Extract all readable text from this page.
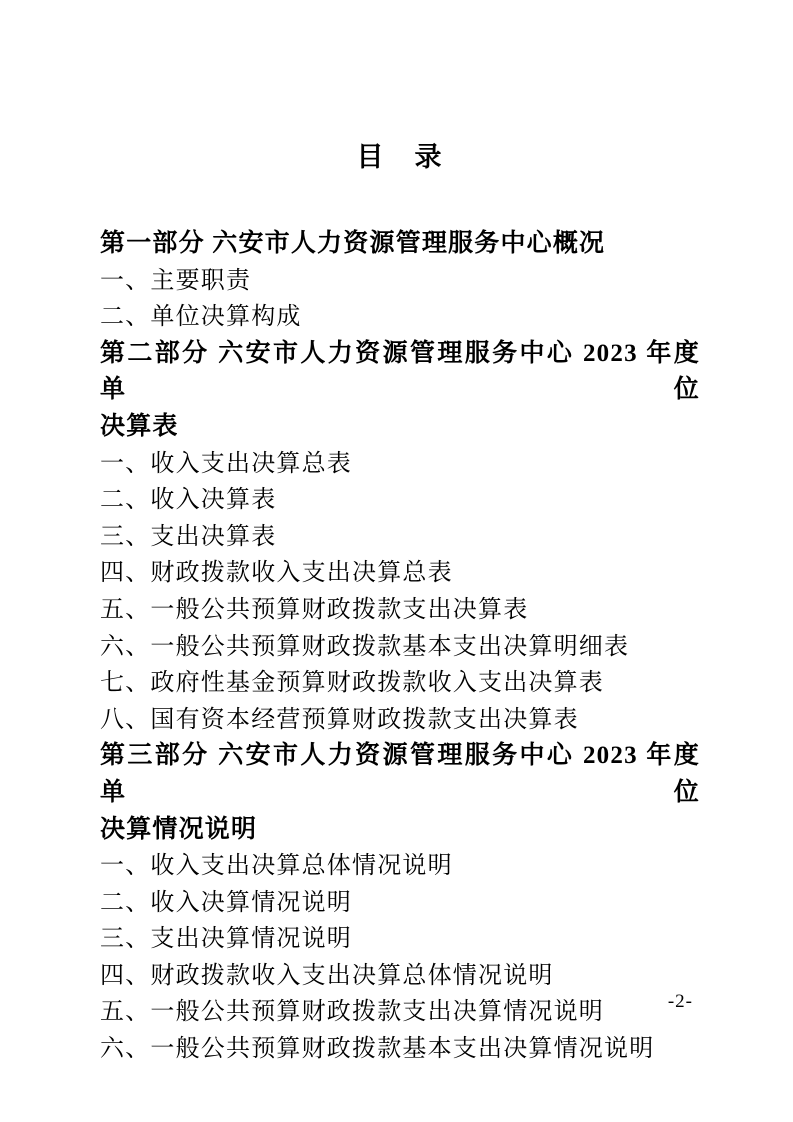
目　录
第一部分 六安市人力资源管理服务中心概况
一、主要职责
二、单位决算构成
第二部分 六安市人力资源管理服务中心 2023 年度单位
决算表
一、收入支出决算总表
二、收入决算表
三、支出决算表
四、财政拨款收入支出决算总表
五、一般公共预算财政拨款支出决算表
六、一般公共预算财政拨款基本支出决算明细表
七、政府性基金预算财政拨款收入支出决算表
八、国有资本经营预算财政拨款支出决算表
第三部分 六安市人力资源管理服务中心 2023 年度单位
决算情况说明
一、收入支出决算总体情况说明
二、收入决算情况说明
三、支出决算情况说明
四、财政拨款收入支出决算总体情况说明
五、一般公共预算财政拨款支出决算情况说明
六、一般公共预算财政拨款基本支出决算情况说明
-2-
